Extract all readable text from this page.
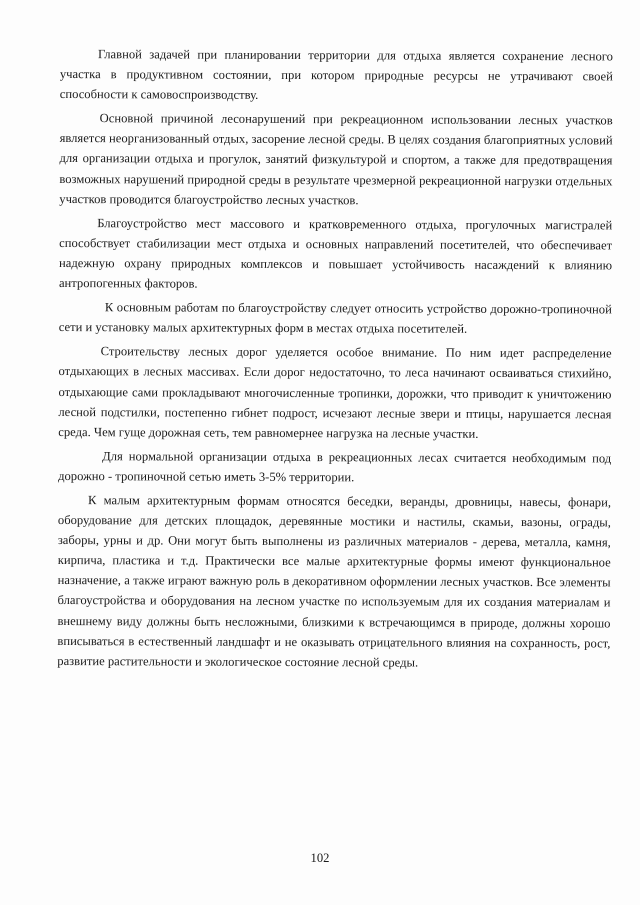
Главной задачей при планировании территории для отдыха является сохранение лесного участка в продуктивном состоянии, при котором природные ресурсы не утрачивают своей способности к самовоспроизводству.

Основной причиной лесонарушений при рекреационном использовании лесных участков является неорганизованный отдых, засорение лесной среды. В целях создания благоприятных условий для организации отдыха и прогулок, занятий физкультурой и спортом, а также для предотвращения возможных нарушений природной среды в результате чрезмерной рекреационной нагрузки отдельных участков проводится благоустройство лесных участков.

Благоустройство мест массового и кратковременного отдыха, прогулочных магистралей способствует стабилизации мест отдыха и основных направлений посетителей, что обеспечивает надежную охрану природных комплексов и повышает устойчивость насаждений к влиянию антропогенных факторов.

К основным работам по благоустройству следует относить устройство дорожно-тропиночной сети и установку малых архитектурных форм в местах отдыха посетителей.

Строительству лесных дорог уделяется особое внимание. По ним идет распределение отдыхающих в лесных массивах. Если дорог недостаточно, то леса начинают осваиваться стихийно, отдыхающие сами прокладывают многочисленные тропинки, дорожки, что приводит к уничтожению лесной подстилки, постепенно гибнет подрост, исчезают лесные звери и птицы, нарушается лесная среда. Чем гуще дорожная сеть, тем равномернее нагрузка на лесные участки.

Для нормальной организации отдыха в рекреационных лесах считается необходимым под дорожно - тропиночной сетью иметь 3-5% территории.

К малым архитектурным формам относятся беседки, веранды, дровницы, навесы, фонари, оборудование для детских площадок, деревянные мостики и настилы, скамьи, вазоны, ограды, заборы, урны и др. Они могут быть выполнены из различных материалов - дерева, металла, камня, кирпича, пластика и т.д. Практически все малые архитектурные формы имеют функциональное назначение, а также играют важную роль в декоративном оформлении лесных участков. Все элементы благоустройства и оборудования на лесном участке по используемым для их создания материалам и внешнему виду должны быть несложными, близкими к встречающимся в природе, должны хорошо вписываться в естественный ландшафт и не оказывать отрицательного влияния на сохранность, рост, развитие растительности и экологическое состояние лесной среды.

102
